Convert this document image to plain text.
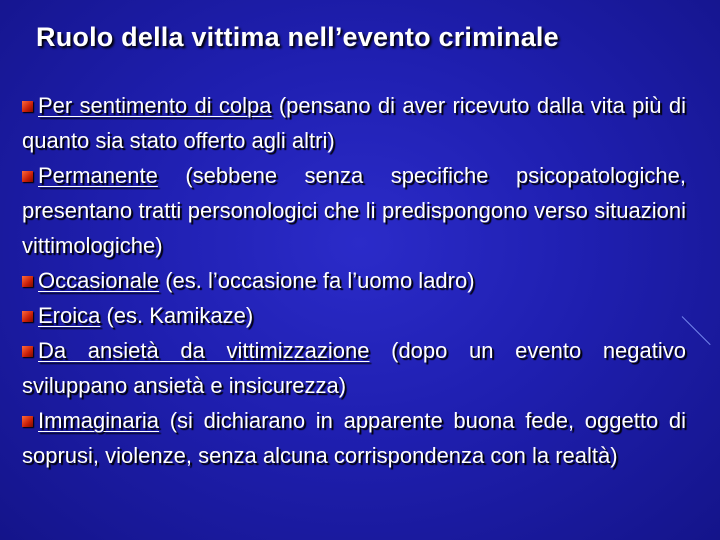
Ruolo della vittima nell’evento criminale

Per sentimento di colpa (pensano di aver ricevuto dalla vita più di quanto sia stato offerto agli altri)

Permanente (sebbene senza specifiche psicopatologiche, presentano tratti personologici che li predispongono verso situazioni vittimologiche)

Occasionale (es. l’occasione fa l’uomo ladro)

Eroica (es. Kamikaze)

Da ansietà da vittimizzazione (dopo un evento negativo sviluppano ansietà e insicurezza)

Immaginaria (si dichiarano in apparente buona fede, oggetto di soprusi, violenze, senza alcuna corrispondenza con la realtà)
